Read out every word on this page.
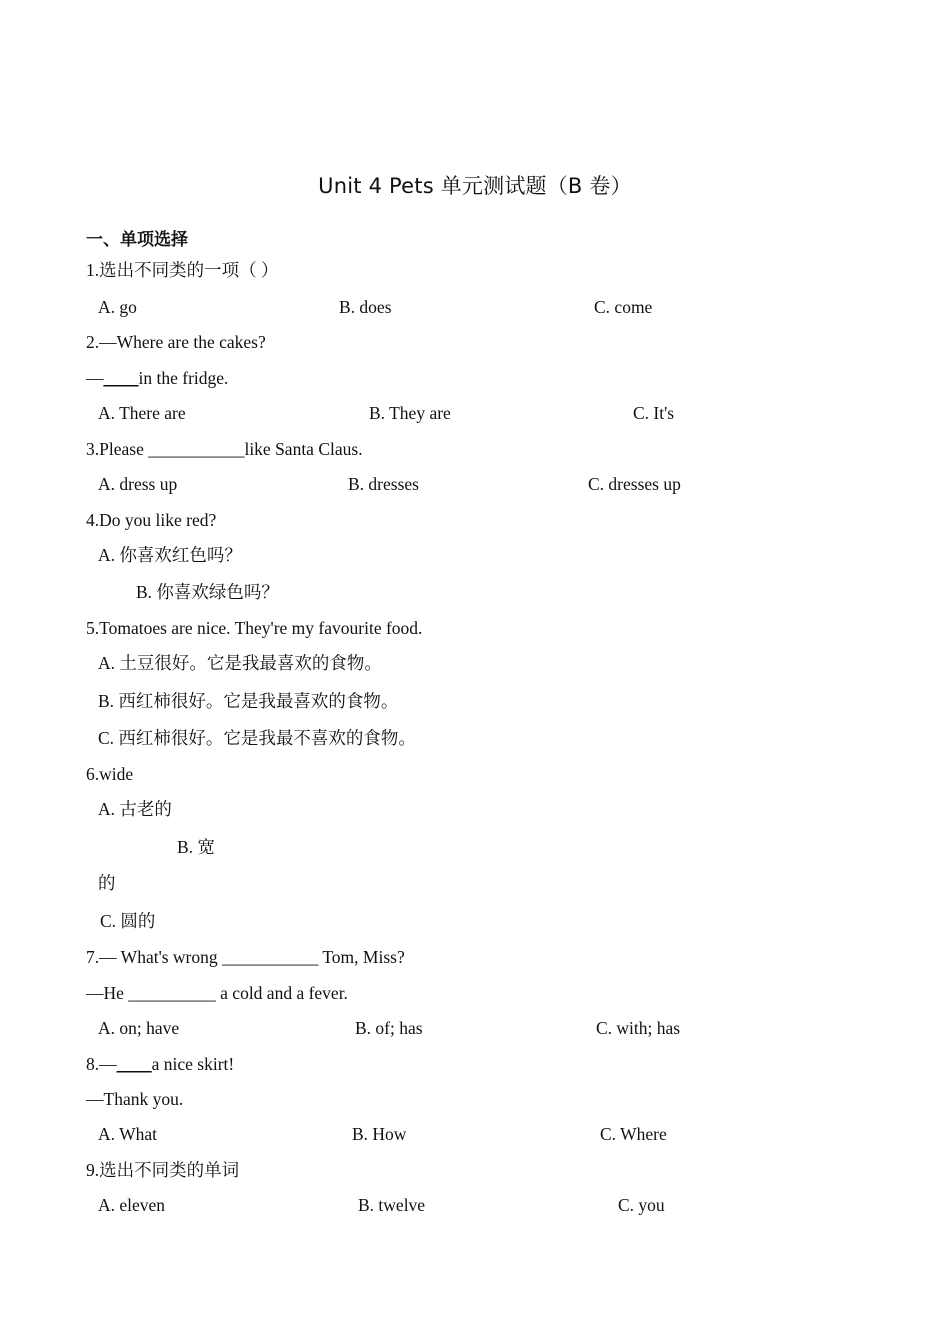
Unit 4 Pets 单元测试题（B 卷）
一、单项选择
1.选出不同类的一项（ ）
A. go	B. does	C. come
2.—Where are the cakes?
—____in the fridge.
A. There are	B. They are	C. It's
3.Please ___________like Santa Claus.
A. dress up	B. dresses	C. dresses up
4.Do you like red?
A. 你喜欢红色吗？
B. 你喜欢绿色吗？
5.Tomatoes are nice. They're my favourite food.
A. 土豆很好。它是我最喜欢的食物。
B. 西红柿很好。它是我最喜欢的食物。
C. 西红柿很好。它是我最不喜欢的食物。
6.wide
A. 古老的
B. 宽
的
C. 圆的
7.— What's wrong ___________ Tom, Miss?
—He __________ a cold and a fever.
A. on; have	B. of; has	C. with; has
8.—____a nice skirt!
—Thank you.
A. What	B. How	C. Where
9.选出不同类的单词
A. eleven	B. twelve	C. you
